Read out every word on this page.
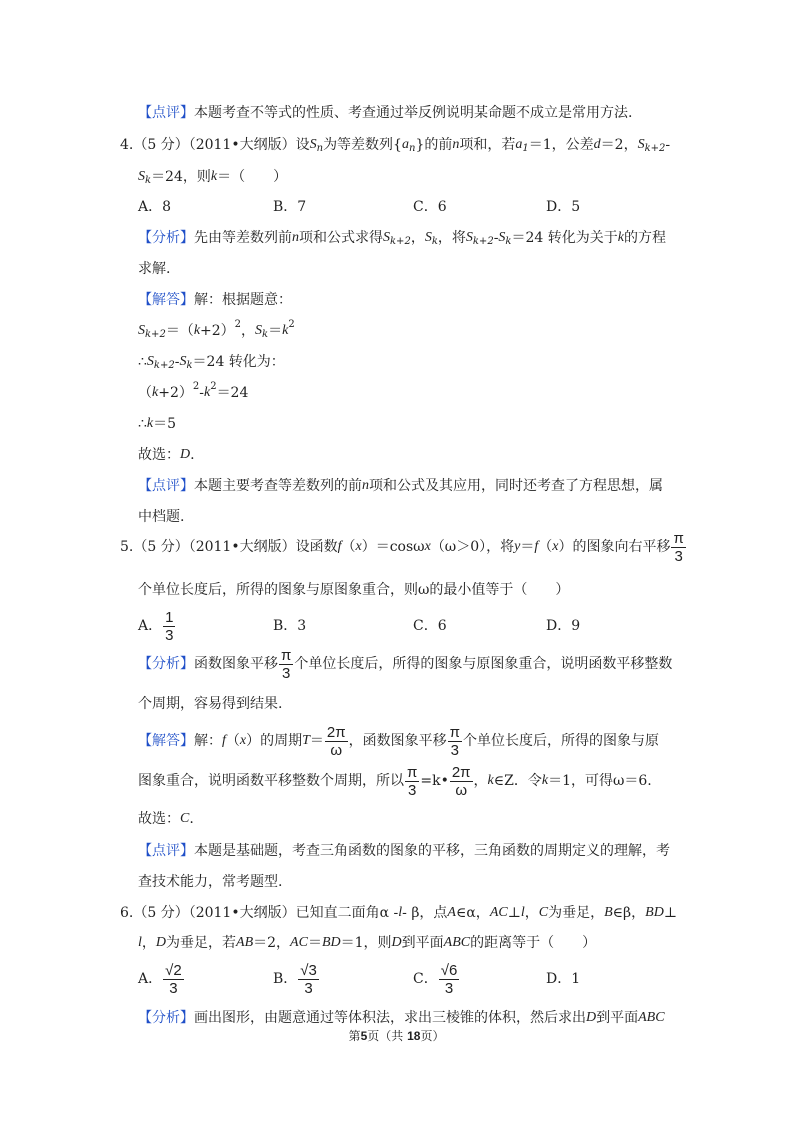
【点评】 本题考查不等式的性质、考查通过举反例说明某命题不成立是常用方法.
4.（5 分）（2011•大纲版）设 S n 为等差数列{ a n }的前 n 项和，若 a 1 ＝1，公差 d ＝2， S k+2 -
S k ＝24，则 k ＝（　　）
A．8	B．7	C．6	D．5
【分析】 先由等差数列前 n 项和公式求得 S k+2 ， S k ，将 S k+2 - S k ＝24 转化为关于 k 的方程
求解.
【解答】 解：根据题意：
S k+2 ＝（ k +2） 2 ， S k ＝ k 2
∴ S k+2 - S k ＝24 转化为：
（ k +2） 2 - k 2 ＝24
∴ k ＝5
故选： D .
【点评】 本题主要考查等差数列的前 n 项和公式及其应用，同时还考查了方程思想，属
中档题.
5.（5 分）（2011•大纲版）设函数 f （ x ）＝cosω x （ω＞0），将 y ＝ f （ x ）的图象向右平移 $\frac{\pi}{3}$
个单位长度后，所得的图象与原图象重合，则ω的最小值等于（　　）
A． $\frac{1}{3}$	B．3	C．6	D．9
【分析】 函数图象平移 $\frac{\pi}{3}$ 个单位长度后，所得的图象与原图象重合，说明函数平移整数
个周期，容易得到结果.
【解答】 解： f （ x ）的周期 $T = \frac{2\pi}{\omega}$ ，函数图象平移 $\frac{\pi}{3}$ 个单位长度后，所得的图象与原
图象重合，说明函数平移整数个周期，所以 $\frac{\pi}{3}$ =k• $\frac{2\pi}{\omega}$ ， k ∈Z．令 k ＝1，可得ω＝6.
故选： C .
【点评】 本题是基础题，考查三角函数的图象的平移，三角函数的周期定义的理解，考
查技术能力，常考题型.
6.（5 分）（2011•大纲版）已知直二面角α - l - β，点 A ∈α， AC ⊥ l ， C 为垂足， B ∈β， BD ⊥
l ， D 为垂足，若 AB ＝2， AC ＝ BD ＝1，则 D 到平面 ABC 的距离等于（　　）
A． $\frac{√2}{3}$	B． $\frac{√3}{3}$	C． $\frac{√6}{3}$	D．1
【分析】 画出图形，由题意通过等体积法，求出三棱锥的体积，然后求出 D 到平面 ABC
第5页（共 18页）
